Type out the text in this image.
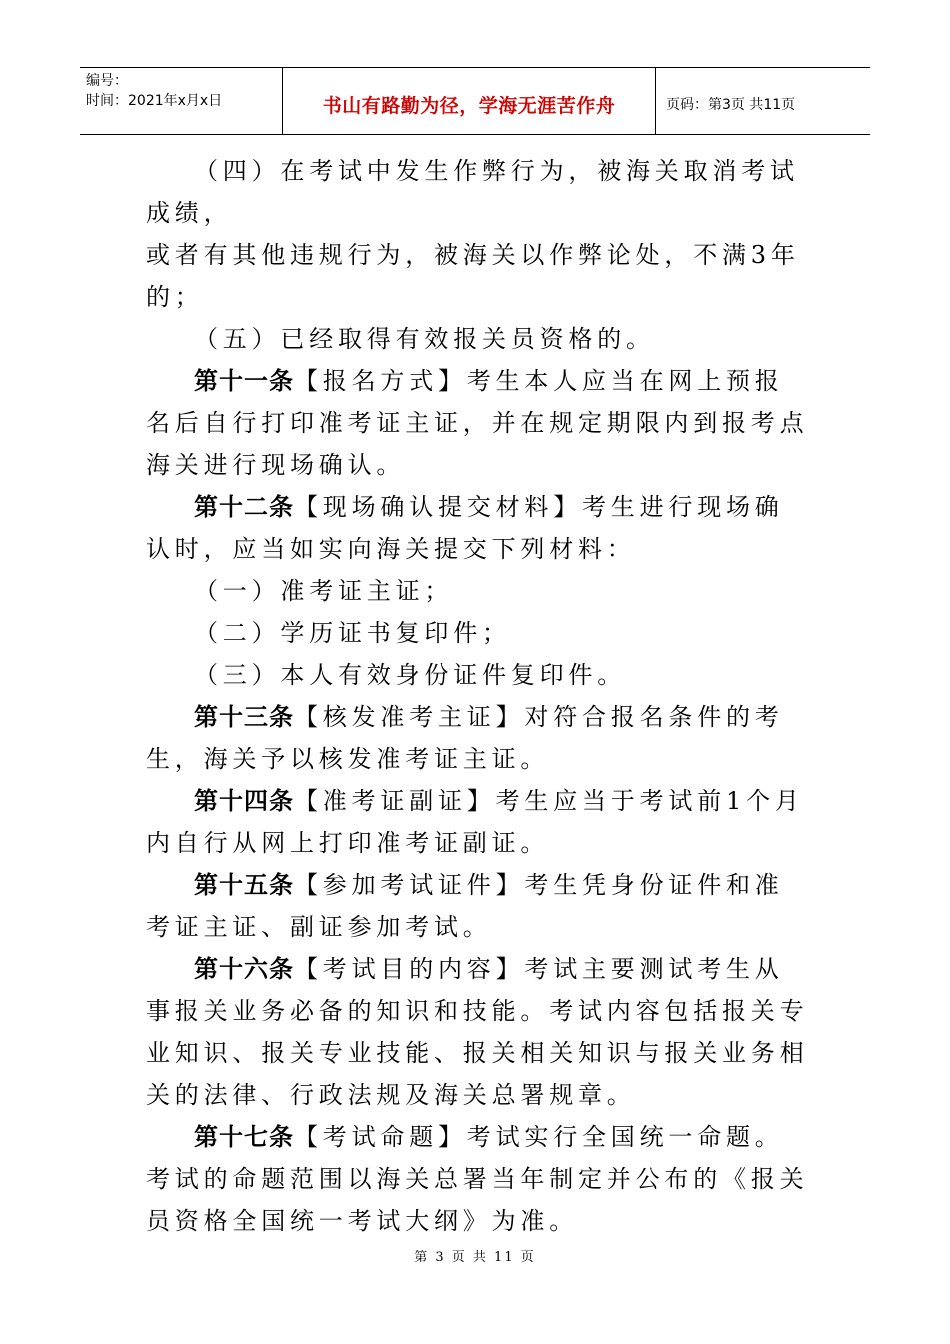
编号：
时间：2021年x月x日	书山有路勤为径，学海无涯苦作舟	页码：第3页 共11页

（四）在考试中发生作弊行为，被海关取消考试成绩，

或者有其他违规行为，被海关以作弊论处，不满3年的；

（五）已经取得有效报关员资格的。

第十一条【报名方式】考生本人应当在网上预报名后自行打印准考证主证，并在规定期限内到报考点海关进行现场确认。

第十二条【现场确认提交材料】考生进行现场确认时，应当如实向海关提交下列材料：

（一）准考证主证；

（二）学历证书复印件；

（三）本人有效身份证件复印件。

第十三条【核发准考主证】对符合报名条件的考生，海关予以核发准考证主证。

第十四条【准考证副证】考生应当于考试前1个月内自行从网上打印准考证副证。

第十五条【参加考试证件】考生凭身份证件和准考证主证、副证参加考试。

第十六条【考试目的内容】考试主要测试考生从事报关业务必备的知识和技能。考试内容包括报关专业知识、报关专业技能、报关相关知识与报关业务相关的法律、行政法规及海关总署规章。

第十七条【考试命题】考试实行全国统一命题。考试的命题范围以海关总署当年制定并公布的《报关员资格全国统一考试大纲》为准。

第 3 页 共 11 页
